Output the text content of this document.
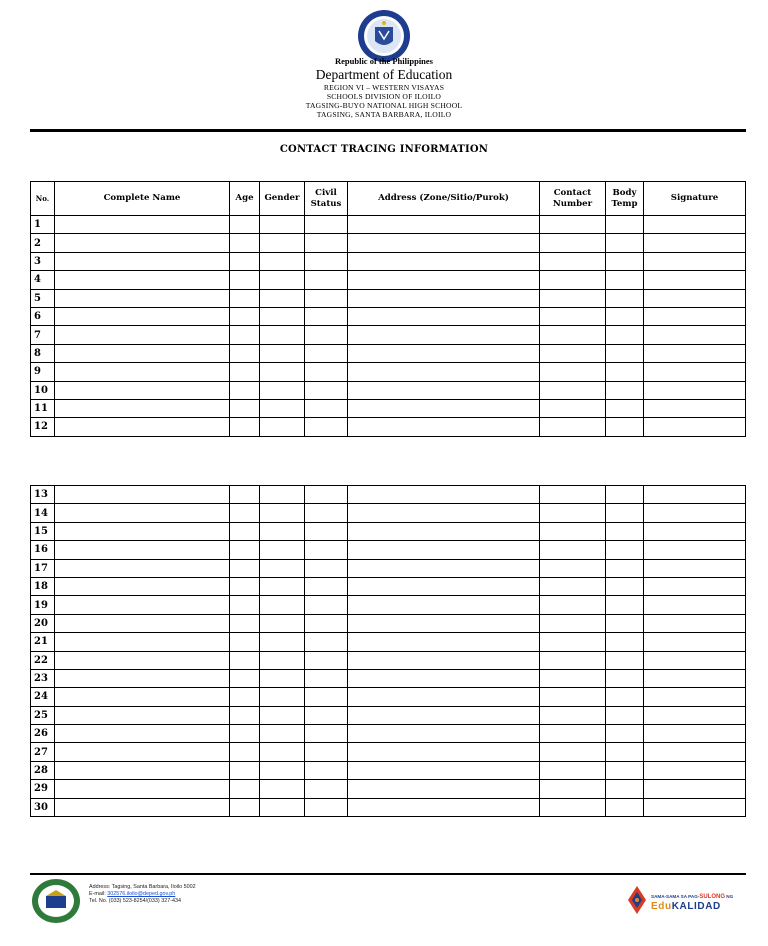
Republic of the Philippines
Department of Education
REGION VI – WESTERN VISAYAS
SCHOOLS DIVISION OF ILOILO
TAGSING-BUYO NATIONAL HIGH SCHOOL
TAGSING, SANTA BARBARA, ILOILO
CONTACT TRACING INFORMATION
No.	Complete Name	Age	Gender	Civil Status	Address (Zone/Sitio/Purok)	Contact Number	Body Temp	Signature
1								
2								
3								
4								
5								
6								
7								
8								
9								
10								
11								
12								
13								
14								
15								
16								
17								
18								
19								
20								
21								
22								
23								
24								
25								
26								
27								
28								
29								
30								
Address: Tagsing, Santa Barbara, Iloilo 5002
E-mail: 302576.iloilo@deped.gov.ph
Tel. No. (033) 523-8254/(033) 327-434
SAMA-SAMA SA PAG-SULONG NG
EduKALIDAD
